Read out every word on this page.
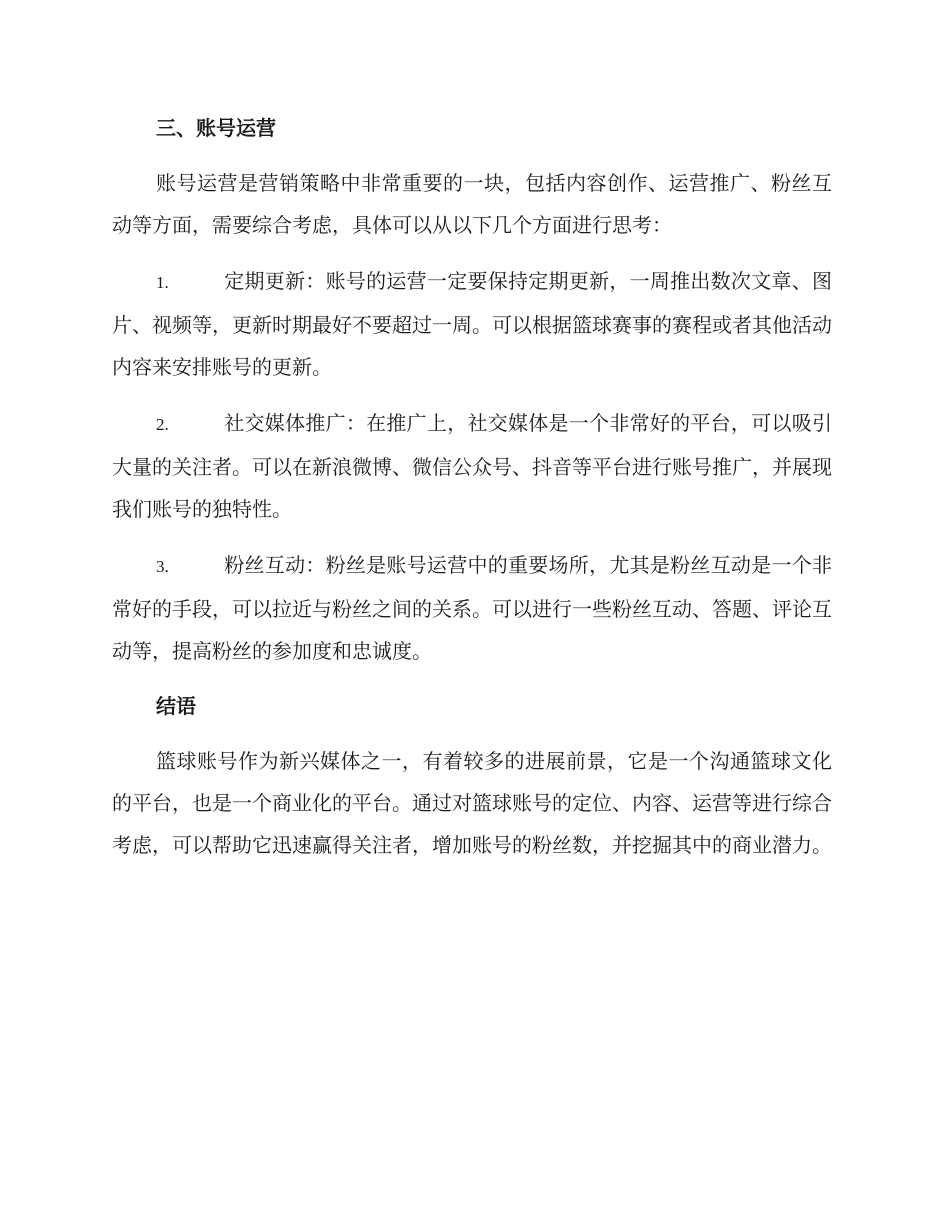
三、账号运营

账号运营是营销策略中非常重要的一块，包括内容创作、运营推广、粉丝互动等方面，需要综合考虑，具体可以从以下几个方面进行思考：

1.	定期更新：账号的运营一定要保持定期更新，一周推出数次文章、图片、视频等，更新时期最好不要超过一周。可以根据篮球赛事的赛程或者其他活动内容来安排账号的更新。

2.	社交媒体推广：在推广上，社交媒体是一个非常好的平台，可以吸引大量的关注者。可以在新浪微博、微信公众号、抖音等平台进行账号推广，并展现我们账号的独特性。

3.	粉丝互动：粉丝是账号运营中的重要场所，尤其是粉丝互动是一个非常好的手段，可以拉近与粉丝之间的关系。可以进行一些粉丝互动、答题、评论互动等，提高粉丝的参加度和忠诚度。

结语

篮球账号作为新兴媒体之一，有着较多的进展前景，它是一个沟通篮球文化的平台，也是一个商业化的平台。通过对篮球账号的定位、内容、运营等进行综合考虑，可以帮助它迅速赢得关注者，增加账号的粉丝数，并挖掘其中的商业潜力。
